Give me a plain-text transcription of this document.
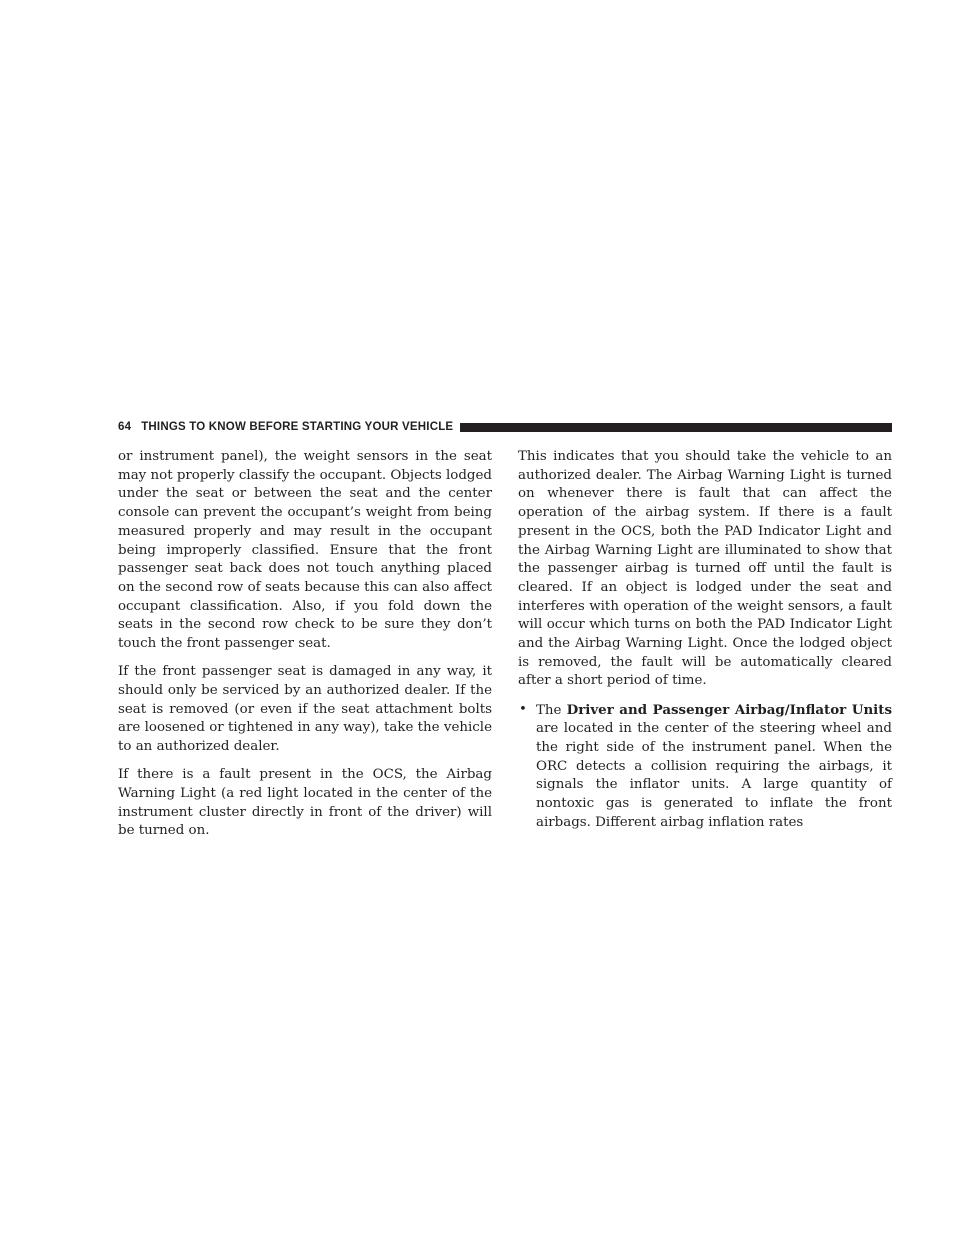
64 THINGS TO KNOW BEFORE STARTING YOUR VEHICLE

or instrument panel), the weight sensors in the seat may not properly classify the occupant. Objects lodged under the seat or between the seat and the center console can prevent the occupant’s weight from being measured properly and may result in the occupant being improperly classified. Ensure that the front passenger seat back does not touch anything placed on the second row of seats because this can also affect occupant classification. Also, if you fold down the seats in the second row check to be sure they don’t touch the front passenger seat.

If the front passenger seat is damaged in any way, it should only be serviced by an authorized dealer. If the seat is removed (or even if the seat attachment bolts are loosened or tightened in any way), take the vehicle to an authorized dealer.

If there is a fault present in the OCS, the Airbag Warning Light (a red light located in the center of the instrument cluster directly in front of the driver) will be turned on.

This indicates that you should take the vehicle to an authorized dealer. The Airbag Warning Light is turned on whenever there is fault that can affect the operation of the airbag system. If there is a fault present in the OCS, both the PAD Indicator Light and the Airbag Warning Light are illuminated to show that the passenger airbag is turned off until the fault is cleared. If an object is lodged under the seat and interferes with operation of the weight sensors, a fault will occur which turns on both the PAD Indicator Light and the Airbag Warning Light. Once the lodged object is removed, the fault will be automatically cleared after a short period of time.

• The Driver and Passenger Airbag/Inflator Units are located in the center of the steering wheel and the right side of the instrument panel. When the ORC detects a collision requiring the airbags, it signals the inflator units. A large quantity of nontoxic gas is generated to inflate the front airbags. Different airbag inflation rates
